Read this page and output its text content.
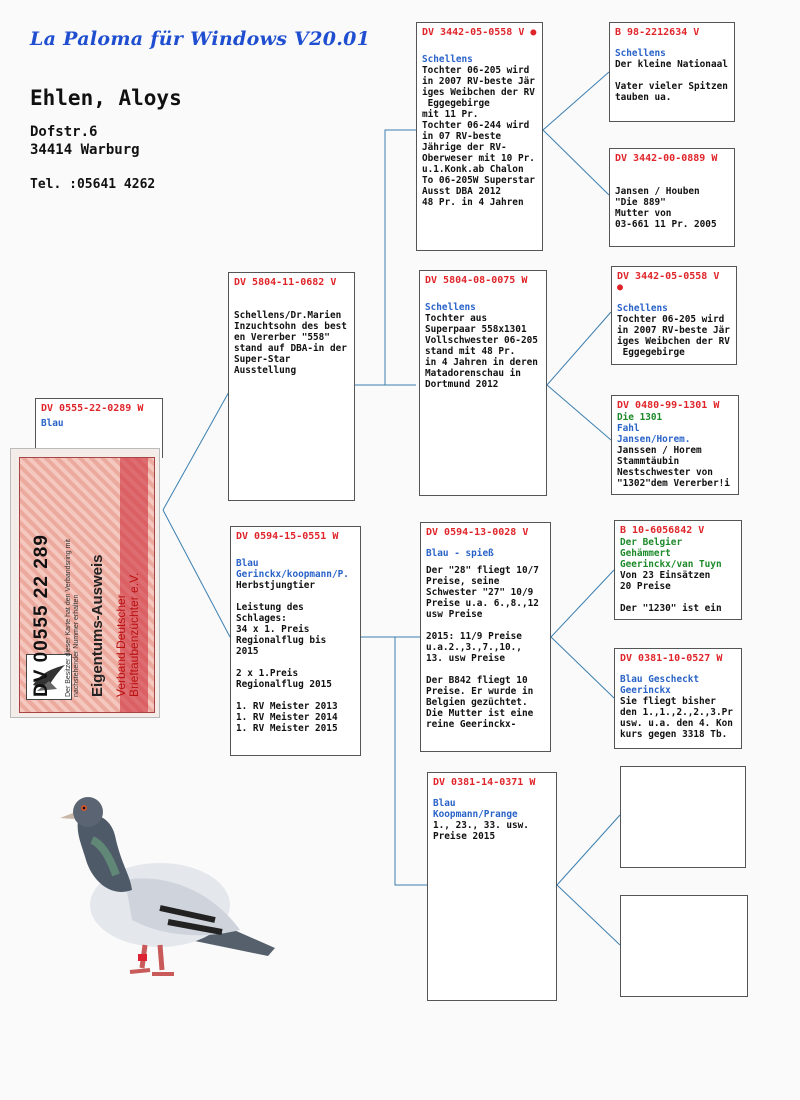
La Paloma für Windows V20.01
Ehlen, Aloys
Dofstr.6
34414 Warburg
Tel. :05641 4262
DV 0555-22-0289 W
Blau
DV 5804-11-0682 V
Schellens/Dr.Marien
Inzuchtsohn des best
en Vererber "558"
stand auf DBA-in der
Super-Star
Ausstellung
DV 0594-15-0551 W
Blau
Gerinckx/koopmann/P.
Herbstjungtier

Leistung des
Schlages:
34 x 1. Preis
Regionalflug bis
2015

2 x 1.Preis
Regionalflug 2015

1. RV Meister 2013
1. RV Meister 2014
1. RV Meister 2015
DV 3442-05-0558 V ●
Schellens
Tochter 06-205 wird
in 2007 RV-beste Jär
iges Weibchen der RV
Eggegebirge
mit 11 Pr.
Tochter 06-244 wird
in 07 RV-beste
Jährige der RV-
Oberweser mit 10 Pr.
u.1.Konk.ab Chalon
To 06-205W Superstar
Ausst DBA 2012
48 Pr. in 4 Jahren
DV 5804-08-0075 W
Schellens
Tochter aus
Superpaar 558x1301
Vollschwester 06-205
stand mit 48 Pr.
in 4 Jahren in deren
Matadorenschau in
Dortmund 2012
DV 0594-13-0028 V
Blau - spieß
Der "28" fliegt 10/7
Preise, seine
Schwester "27" 10/9
Preise u.a. 6.,8.,12
usw Preise

2015: 11/9 Preise
u.a.2.,3.,7.,10.,
13. usw Preise

Der B842 fliegt 10
Preise. Er wurde in
Belgien gezüchtet.
Die Mutter ist eine
reine Geerinckx-
DV 0381-14-0371 W
Blau
Koopmann/Prange
1., 23., 33. usw.
Preise 2015
B 98-2212634 V
Schellens
Der kleine Nationaal

Vater vieler Spitzen
tauben ua.
DV 3442-00-0889 W
Jansen / Houben
"Die 889"
Mutter von
03-661 11 Pr. 2005
DV 3442-05-0558 V ●
Schellens
Tochter 06-205 wird
in 2007 RV-beste Jär
iges Weibchen der RV
Eggegebirge
DV 0480-99-1301 W
Die 1301
Fahl
Jansen/Horem.
Janssen / Horem
Stammtäubin
Nestschwester von
"1302"dem Vererber!i
B 10-6056842 V
Der Belgier
Gehämmert
Geerinckx/van Tuyn
Von 23 Einsätzen
20 Preise

Der "1230" ist ein
DV 0381-10-0527 W
Blau Gescheckt
Geerinckx
Sie fliegt bisher
den 1.,1.,2.,2.,3.Pr
usw. u.a. den 4. Kon
kurs gegen 3318 Tb.
DV 00555 22 289 Der Besitzer dieser Karte hat den Verbandsring mit nachstehender Nummer erhalten Eigentums-Ausweis Verband Deutscher
Brieftaubenzüchter e.V.
